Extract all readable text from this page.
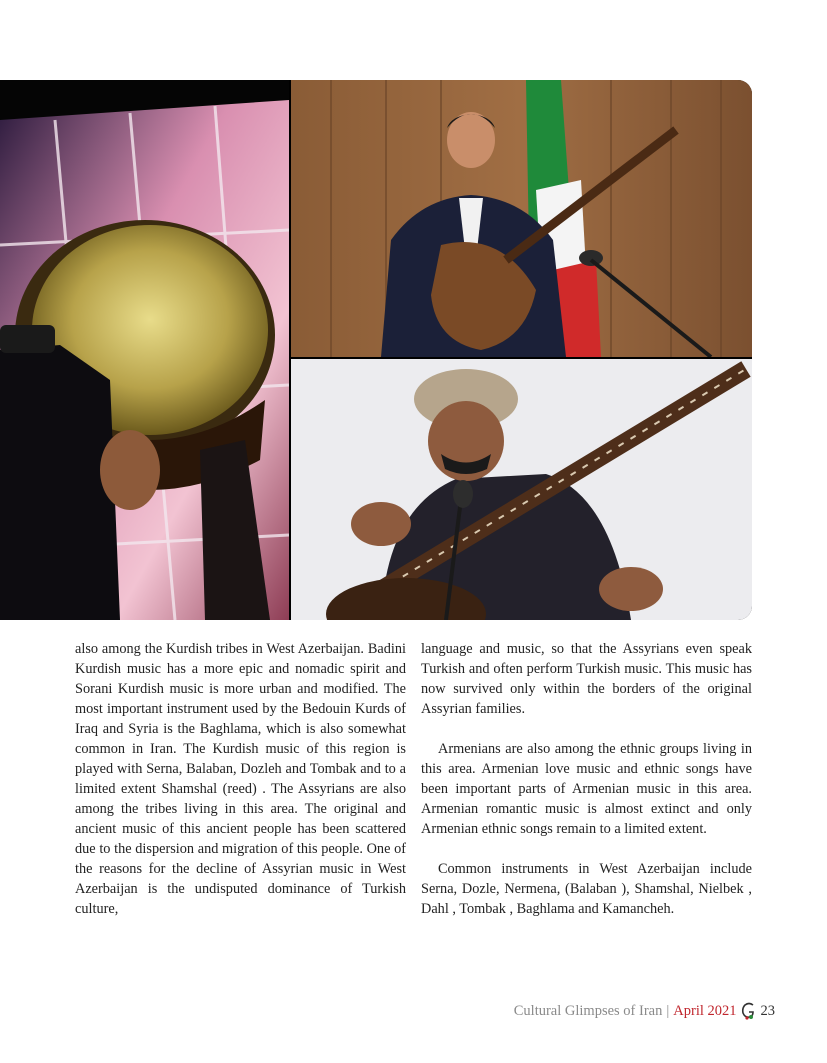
also among the Kurdish tribes in West Azerbaijan. Badini Kurdish music has a more epic and nomadic spirit and Sorani Kurdish music is more urban and modified. The most important instrument used by the Bedouin Kurds of Iraq and Syria is the Baghlama, which is also somewhat common in Iran. The Kurdish music of this region is played with Serna, Balaban, Dozleh and Tombak and to a limited extent Shamshal (reed) . The Assyrians are also among the tribes living in this area. The original and ancient music of this ancient people has been scattered due to the dispersion and migration of this people. One of the reasons for the decline of Assyrian music in West Azerbaijan is the undisputed dominance of Turkish culture,

language and music, so that the Assyrians even speak Turkish and often perform Turkish music. This music has now survived only within the borders of the original Assyrian families.

Armenians are also among the ethnic groups living in this area. Armenian love music and ethnic songs have been important parts of Armenian music in this area. Armenian romantic music is almost extinct and only Armenian ethnic songs remain to a limited extent.

Common instruments in West Azerbaijan include Serna, Dozle, Nermena, (Balaban ), Shamshal, Nielbek , Dahl , Tombak , Baghlama and Kamancheh.

Cultural Glimpses of Iran | April 2021 23
